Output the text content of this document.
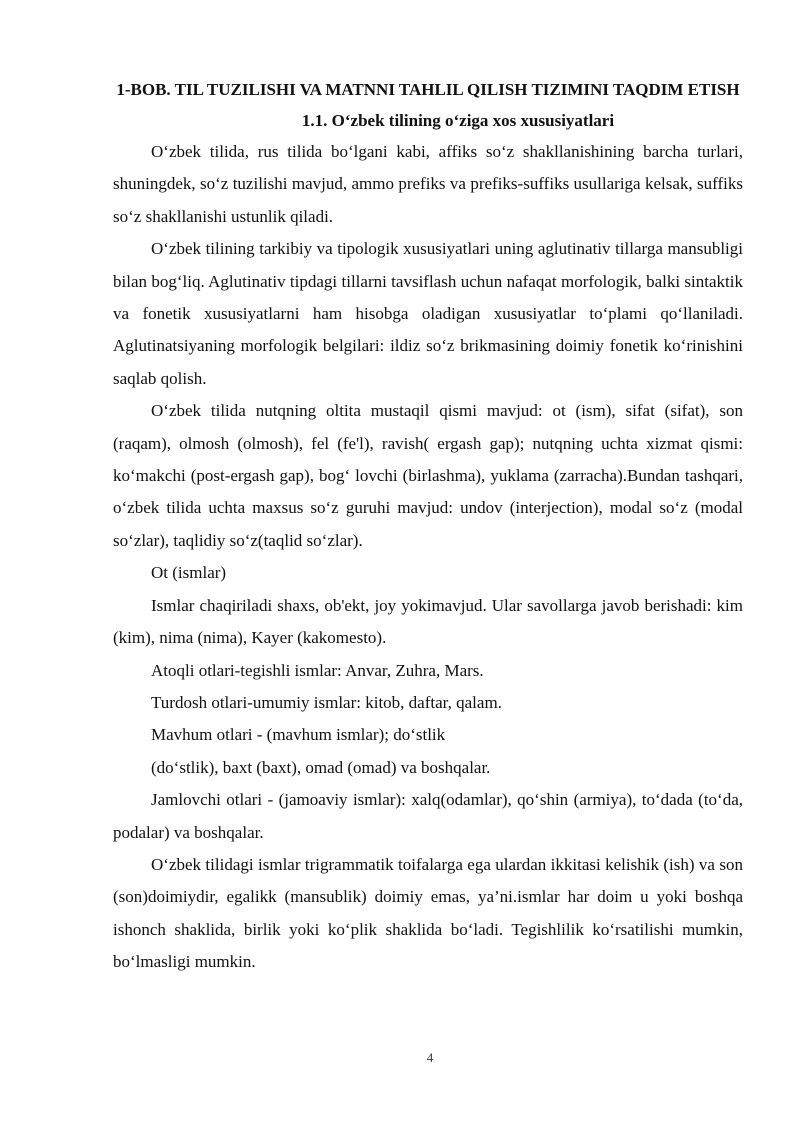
1-BOB. TIL TUZILISHI VA MATNNI TAHLIL QILISH TIZIMINI TAQDIM ETISH

1.1. O‘zbek tilining o‘ziga xos xususiyatlari

O‘zbek tilida, rus tilida bo‘lgani kabi, affiks so‘z shakllanishining barcha turlari, shuningdek, so‘z tuzilishi mavjud, ammo prefiks va prefiks-suffiks usullariga kelsak, suffiks so‘z shakllanishi ustunlik qiladi.

O‘zbek tilining tarkibiy va tipologik xususiyatlari uning aglutinativ tillarga mansubligi bilan bog‘liq. Aglutinativ tipdagi tillarni tavsiflash uchun nafaqat morfologik, balki sintaktik va fonetik xususiyatlarni ham hisobga oladigan xususiyatlar to‘plami qo‘llaniladi. Aglutinatsiyaning morfologik belgilari: ildiz so‘z brikmasining doimiy fonetik ko‘rinishini saqlab qolish.

O‘zbek tilida nutqning oltita mustaqil qismi mavjud: ot (ism), sifat (sifat), son (raqam), olmosh (olmosh), fel (fe'l), ravish( ergash gap); nutqning uchta xizmat qismi: ko‘makchi (post-ergash gap), bog‘ lovchi (birlashma), yuklama (zarracha).Bundan tashqari, o‘zbek tilida uchta maxsus so‘z guruhi mavjud: undov (interjection), modal so‘z (modal so‘zlar), taqlidiy so‘z(taqlid so‘zlar).

Ot (ismlar)

Ismlar chaqiriladi shaxs, ob'ekt, joy yokimavjud. Ular savollarga javob berishadi: kim (kim), nima (nima), Kayer (kakomesto).

Atoqli otlari-tegishli ismlar: Anvar, Zuhra, Mars.

Turdosh otlari-umumiy ismlar: kitob, daftar, qalam.

Mavhum otlari - (mavhum ismlar); do‘stlik

(do‘stlik), baxt (baxt), omad (omad) va boshqalar.

Jamlovchi otlari - (jamoaviy ismlar): xalq(odamlar), qo‘shin (armiya), to‘dada (to‘da, podalar) va boshqalar.

O‘zbek tilidagi ismlar trigrammatik toifalarga ega ulardan ikkitasi kelishik (ish) va son (son)doimiydir, egalikk (mansublik) doimiy emas, ya’ni.ismlar har doim u yoki boshqa ishonch shaklida, birlik yoki ko‘plik shaklida bo‘ladi. Tegishlilik ko‘rsatilishi mumkin, bo‘lmasligi mumkin.

4
